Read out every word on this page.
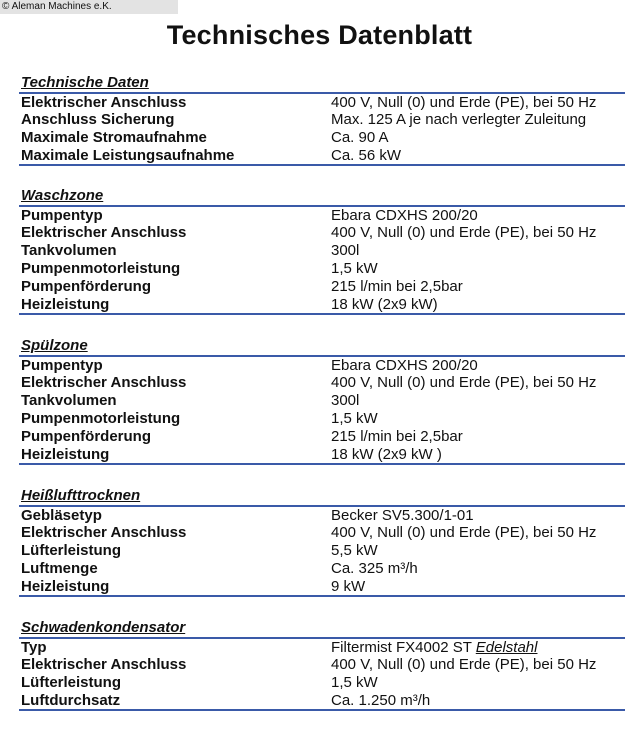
© Aleman Machines e.K.
Technisches Datenblatt
Technische Daten
Elektrischer Anschluss	400 V, Null (0) und Erde (PE), bei 50 Hz
Anschluss Sicherung	Max. 125 A je nach verlegter Zuleitung
Maximale Stromaufnahme	Ca. 90 A
Maximale Leistungsaufnahme	Ca. 56 kW
Waschzone
Pumpentyp	Ebara CDXHS 200/20
Elektrischer Anschluss	400 V, Null (0) und Erde (PE), bei 50 Hz
Tankvolumen	300l
Pumpenmotorleistung	1,5 kW
Pumpenförderung	215 l/min bei 2,5bar
Heizleistung	18 kW (2x9 kW)
Spülzone
Pumpentyp	Ebara CDXHS 200/20
Elektrischer Anschluss	400 V, Null (0) und Erde (PE), bei 50 Hz
Tankvolumen	300l
Pumpenmotorleistung	1,5 kW
Pumpenförderung	215 l/min bei 2,5bar
Heizleistung	18 kW (2x9 kW )
Heißlufttrocknen
Gebläsetyp	Becker SV5.300/1-01
Elektrischer Anschluss	400 V, Null (0) und Erde (PE), bei 50 Hz
Lüfterleistung	5,5 kW
Luftmenge	Ca. 325 m³/h
Heizleistung	9 kW
Schwadenkondensator
Typ	Filtermist FX4002 ST Edelstahl
Elektrischer Anschluss	400 V, Null (0) und Erde (PE), bei 50 Hz
Lüfterleistung	1,5 kW
Luftdurchsatz	Ca. 1.250 m³/h
